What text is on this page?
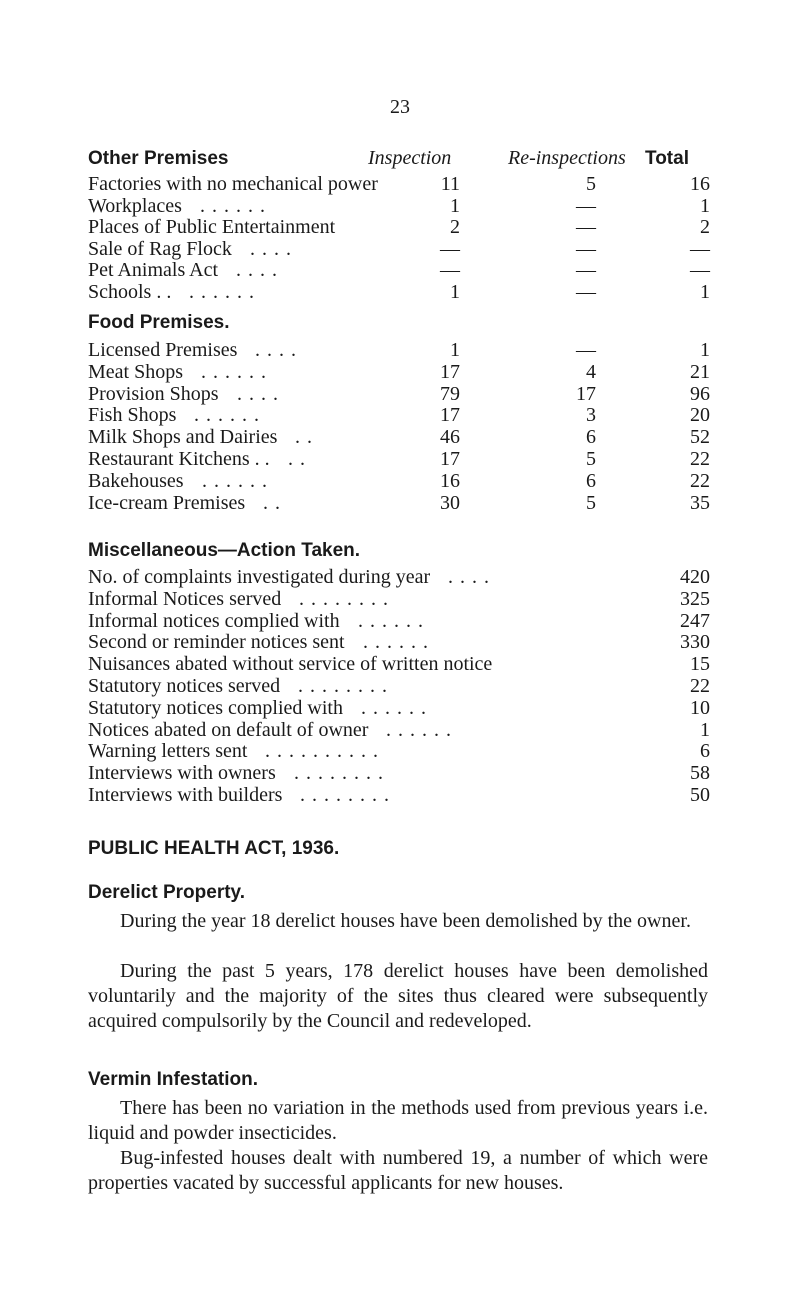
23
Other Premises	Inspection	Re-inspections Total
Factories with no mechanical power	11	5	16
Workplaces . . . . . .	1	—	1
Places of Public Entertainment	2	—	2
Sale of Rag Flock . . . .	—	—	—
Pet Animals Act . . . .	—	—	—
Schools . . . . . . . .	1	—	1
Food Premises.
Licensed Premises . . . .	1	—	1
Meat Shops . . . . . .	17	4	21
Provision Shops . . . .	79	17	96
Fish Shops . . . . . .	17	3	20
Milk Shops and Dairies . .	46	6	52
Restaurant Kitchens . . . .	17	5	22
Bakehouses . . . . . .	16	6	22
Ice-cream Premises . .	30	5	35
Miscellaneous—Action Taken.
No. of complaints investigated during year . . . .	420
Informal Notices served . . . . . . . .	325
Informal notices complied with . . . . . .	247
Second or reminder notices sent . . . . . .	330
Nuisances abated without service of written notice	15
Statutory notices served . . . . . . . .	22
Statutory notices complied with . . . . . .	10
Notices abated on default of owner . . . . . .	1
Warning letters sent . . . . . . . . . .	6
Interviews with owners . . . . . . . .	58
Interviews with builders . . . . . . . .	50
PUBLIC HEALTH ACT, 1936.
Derelict Property.
During the year 18 derelict houses have been demolished by the owner.
During the past 5 years, 178 derelict houses have been demolished voluntarily and the majority of the sites thus cleared were subsequently acquired compulsorily by the Council and redeveloped.
Vermin Infestation.
There has been no variation in the methods used from previous years i.e. liquid and powder insecticides.
Bug-infested houses dealt with numbered 19, a number of which were properties vacated by successful applicants for new houses.
